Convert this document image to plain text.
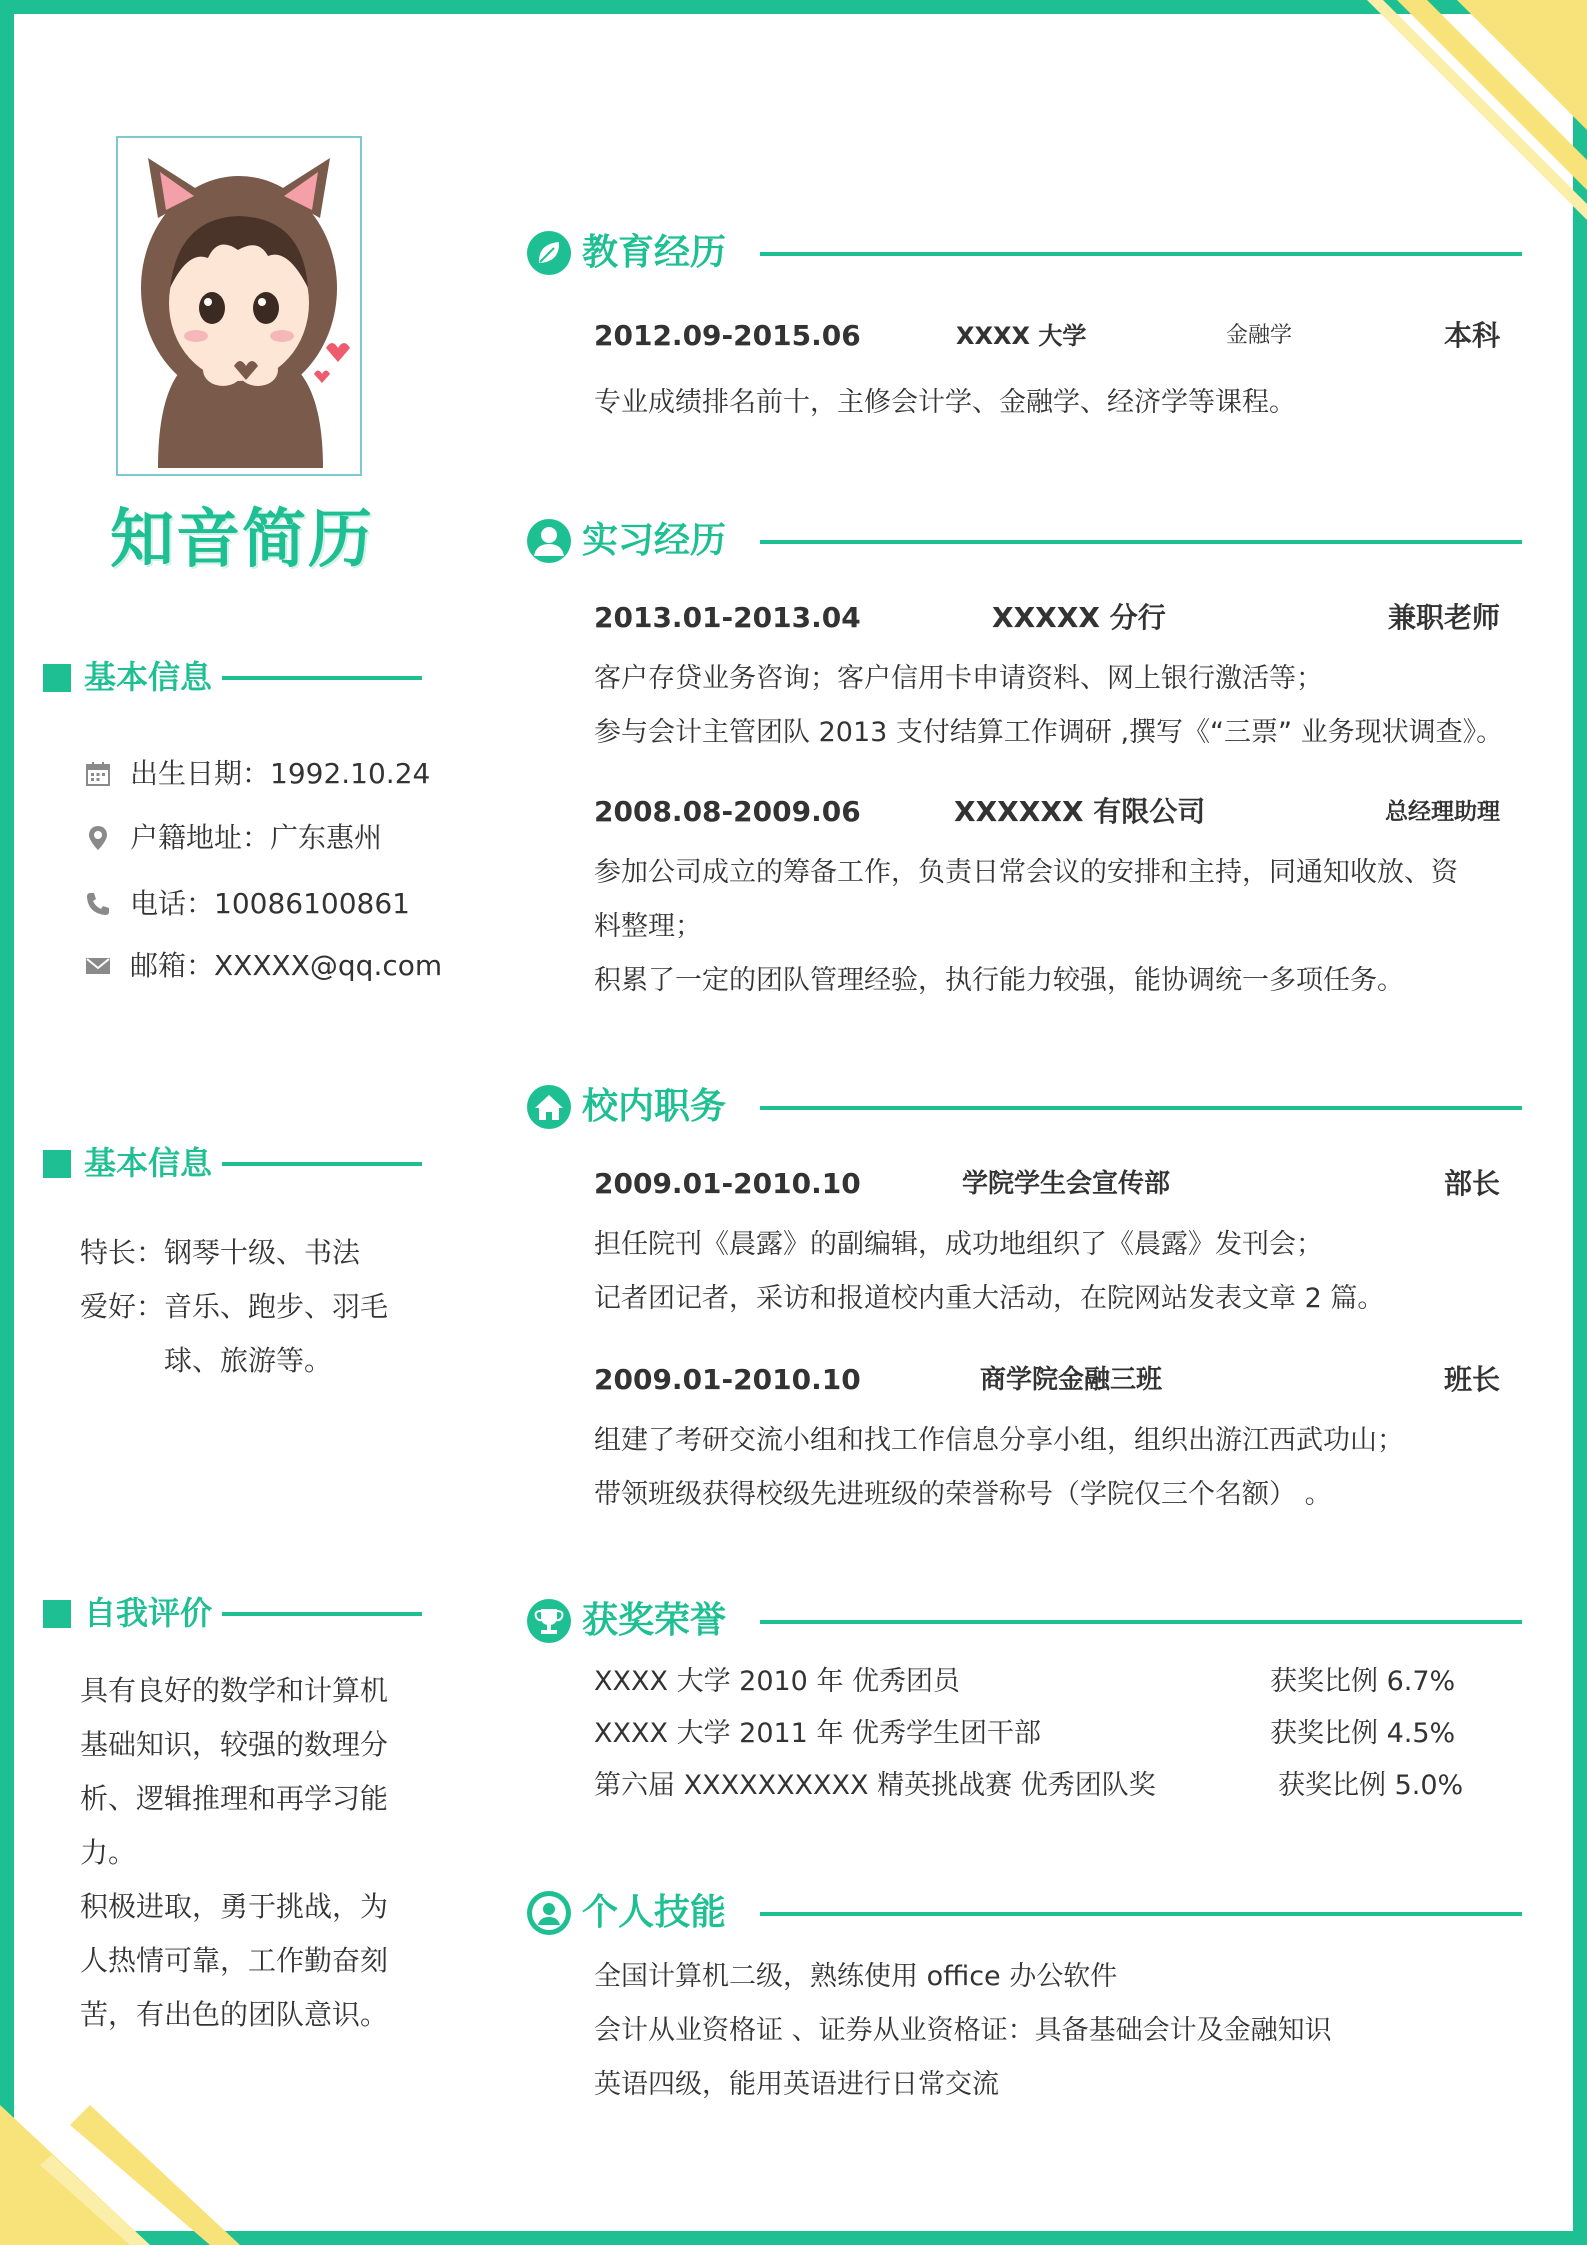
知音简历
基本信息
出生日期：1992.10.24
户籍地址：广东惠州
电话：10086100861
邮箱：XXXXX@qq.com
基本信息
特长：钢琴十级、书法
爱好：音乐、跑步、羽毛
　　　球、旅游等。
自我评价
具有良好的数学和计算机
基础知识，较强的数理分
析、逻辑推理和再学习能
力。
积极进取，勇于挑战，为
人热情可靠，工作勤奋刻
苦，有出色的团队意识。
教育经历
2012.09-2015.06	XXXX 大学	金融学	本科
专业成绩排名前十，主修会计学、金融学、经济学等课程。
实习经历
2013.01-2013.04	XXXXX 分行	兼职老师
客户存贷业务咨询；客户信用卡申请资料、网上银行激活等；
参与会计主管团队 2013 支付结算工作调研 ,撰写《“三票” 业务现状调查》。
2008.08-2009.06	XXXXXX 有限公司	总经理助理
参加公司成立的筹备工作，负责日常会议的安排和主持，同通知收放、资
料整理；
积累了一定的团队管理经验，执行能力较强，能协调统一多项任务。
校内职务
2009.01-2010.10	学院学生会宣传部	部长
担任院刊《晨露》的副编辑，成功地组织了《晨露》发刊会；
记者团记者，采访和报道校内重大活动，在院网站发表文章 2 篇。
2009.01-2010.10	商学院金融三班	班长
组建了考研交流小组和找工作信息分享小组，组织出游江西武功山；
带领班级获得校级先进班级的荣誉称号（学院仅三个名额） 。
获奖荣誉
XXXX 大学 2010 年 优秀团员	获奖比例 6.7%
XXXX 大学 2011 年 优秀学生团干部	获奖比例 4.5%
第六届 XXXXXXXXXX 精英挑战赛 优秀团队奖	获奖比例 5.0%
个人技能
全国计算机二级，熟练使用 office 办公软件
会计从业资格证 、证券从业资格证：具备基础会计及金融知识
英语四级，能用英语进行日常交流
